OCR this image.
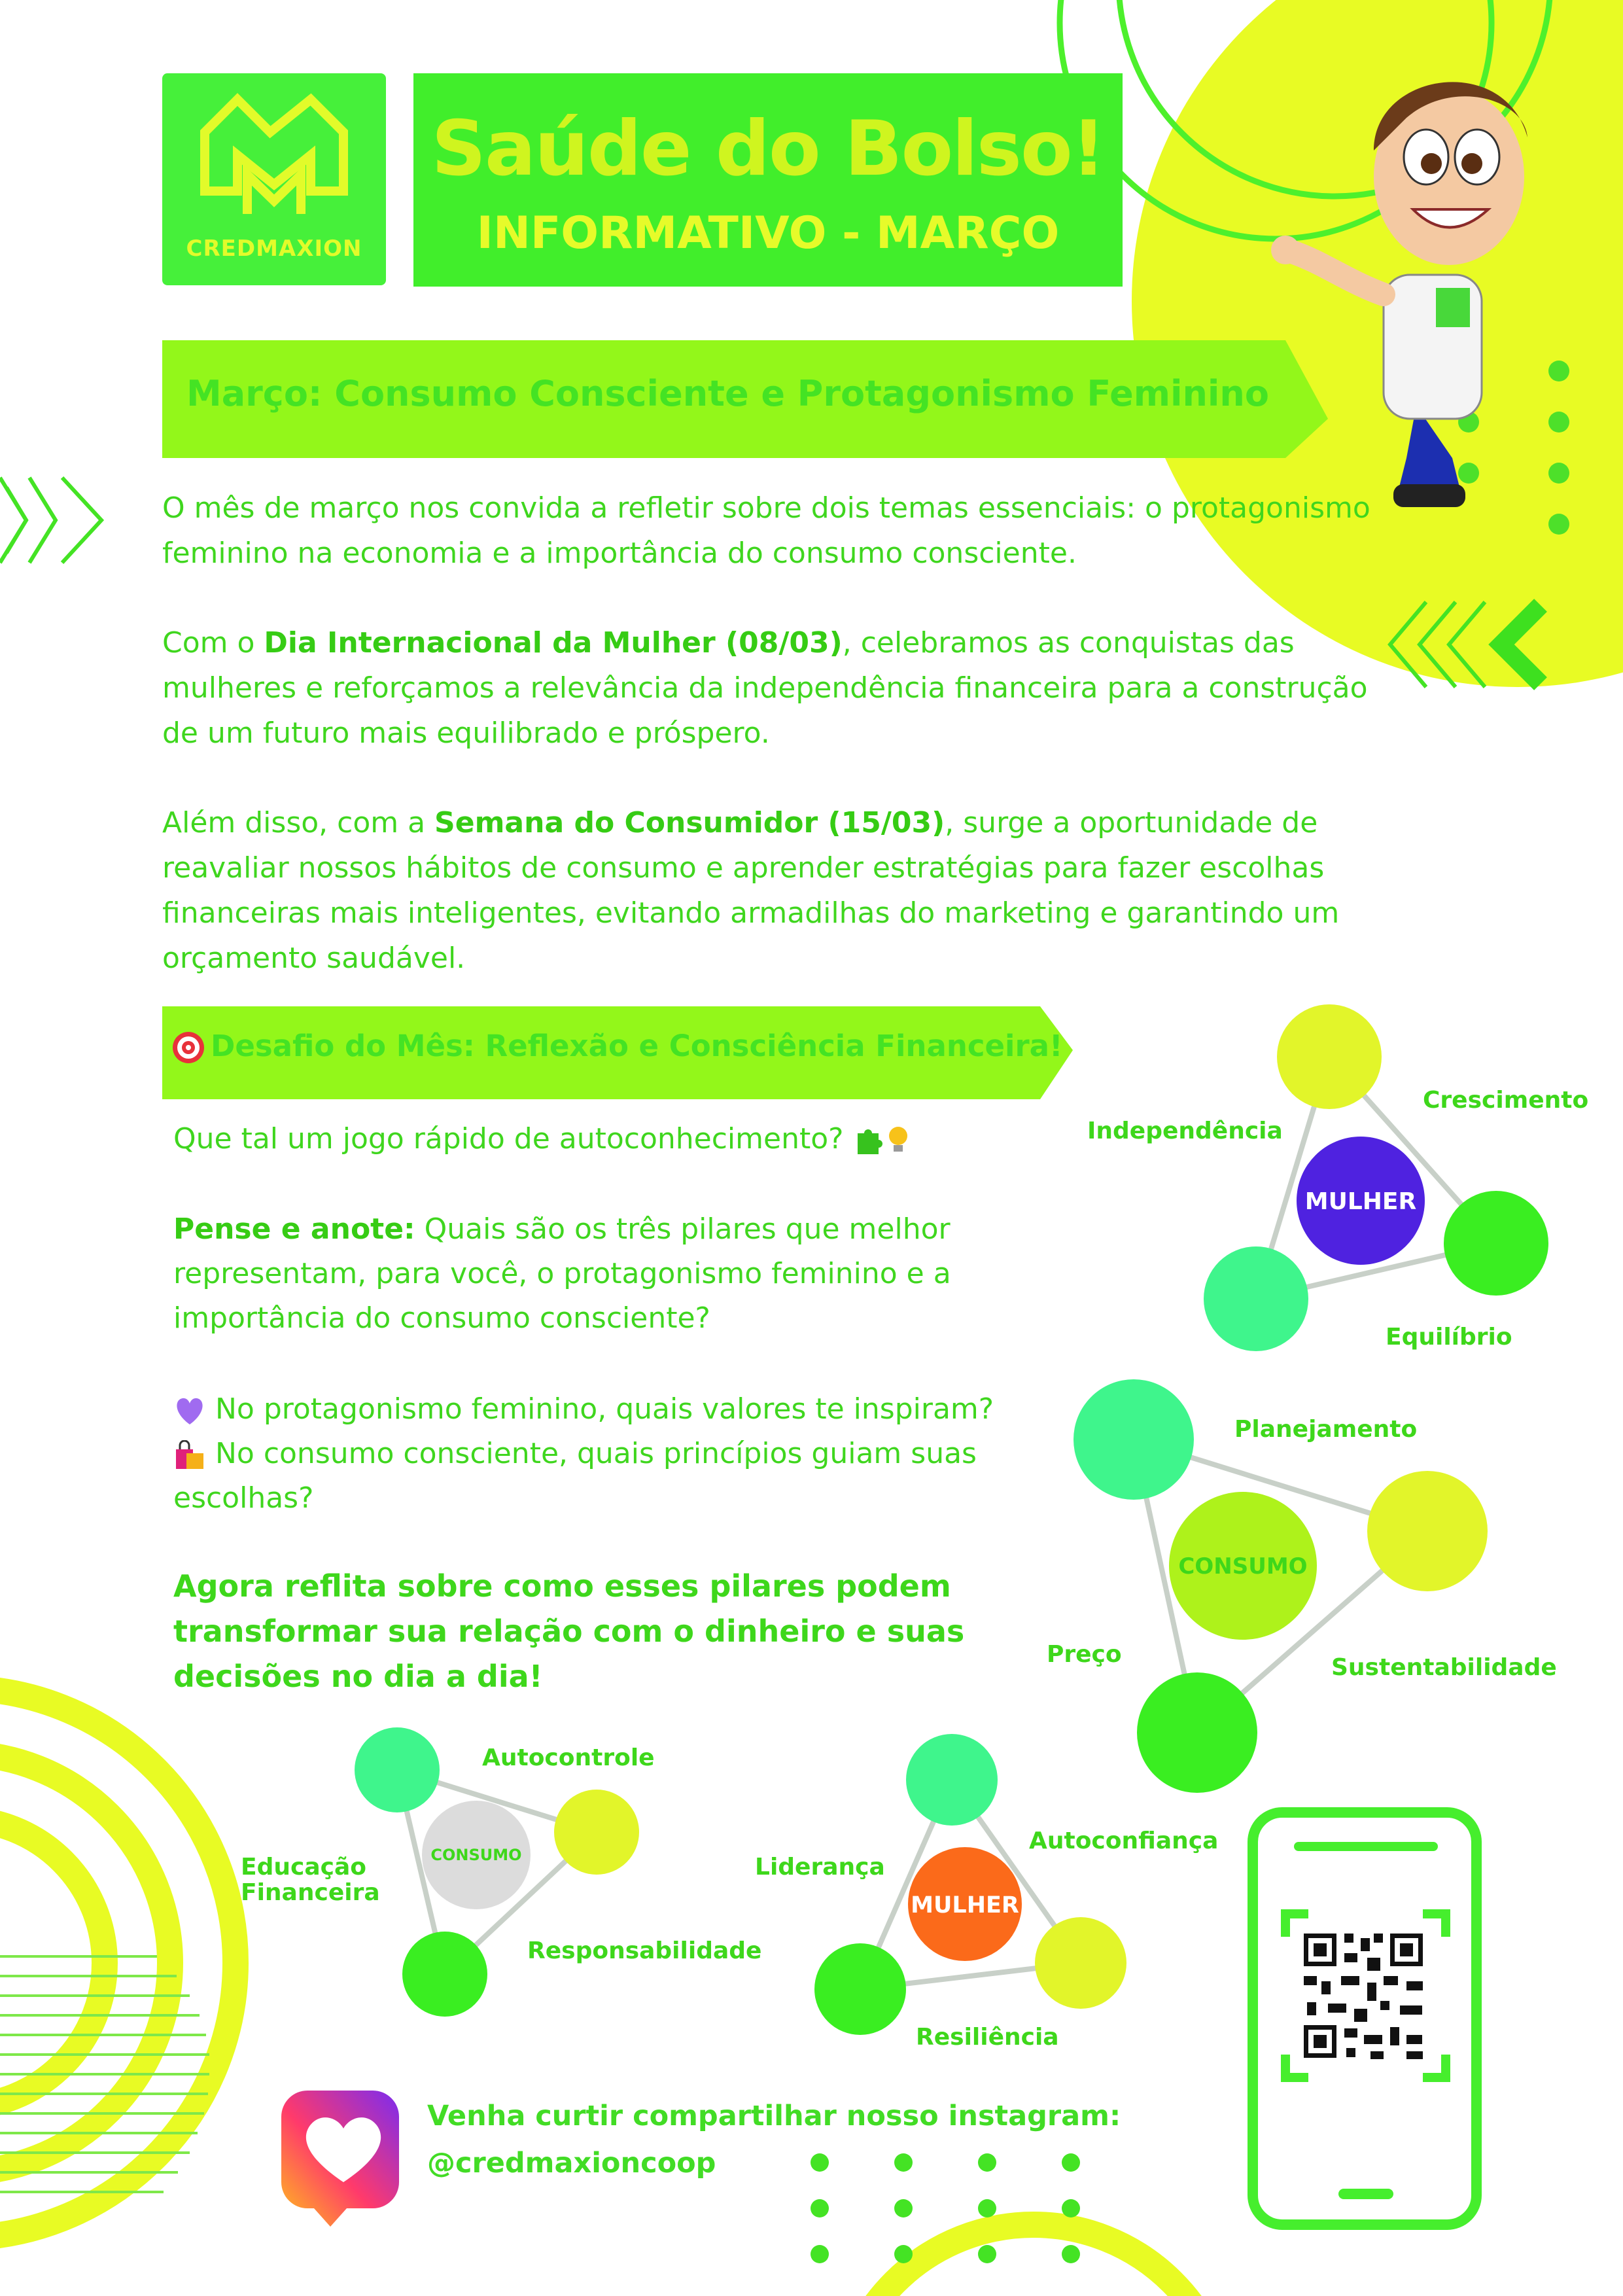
CREDMAXION
Saúde do Bolso!
INFORMATIVO - MARÇO
Março: Consumo Consciente e Protagonismo Feminino
O mês de março nos convida a refletir sobre dois temas essenciais: o protagonismo feminino na economia e a importância do consumo consciente.
Com o Dia Internacional da Mulher (08/03), celebramos as conquistas das mulheres e reforçamos a relevância da independência financeira para a construção de um futuro mais equilibrado e próspero.
Além disso, com a Semana do Consumidor (15/03), surge a oportunidade de reavaliar nossos hábitos de consumo e aprender estratégias para fazer escolhas financeiras mais inteligentes, evitando armadilhas do marketing e garantindo um orçamento saudável.
Desafio do Mês: Reflexão e Consciência Financeira!
Que tal um jogo rápido de autoconhecimento?
Pense e anote: Quais são os três pilares que melhor representam, para você, o protagonismo feminino e a importância do consumo consciente?
No protagonismo feminino, quais valores te inspiram?
No consumo consciente, quais princípios guiam suas escolhas?
Agora reflita sobre como esses pilares podem transformar sua relação com o dinheiro e suas decisões no dia a dia!
Crescimento
Independência
Equilíbrio
Planejamento
Preço	Sustentabilidade
Autocontrole
Educação
Financeira
Responsabilidade
Liderança
Autoconfiança
Resiliência
MULHER
CONSUMO
CONSUMO
MULHER
Venha curtir compartilhar nosso instagram:
@credmaxioncoop
